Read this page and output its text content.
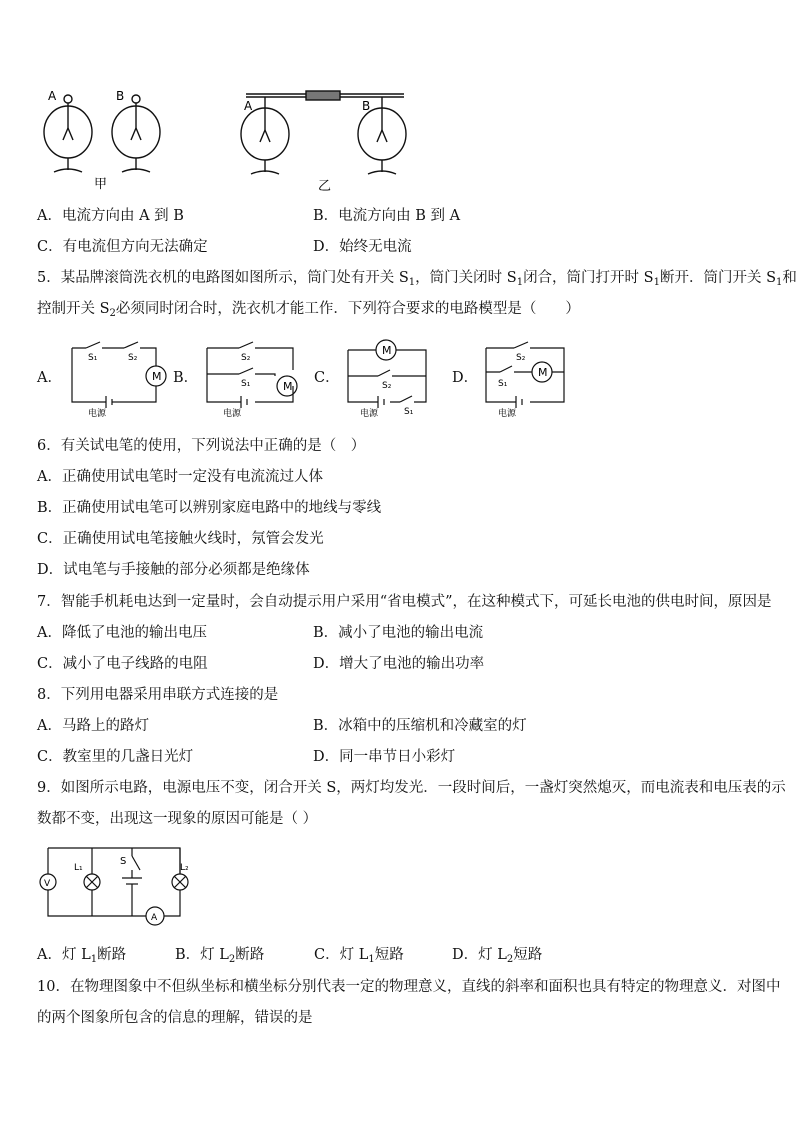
A	B
甲
A	B
乙
A．电流方向由 A 到 B	B．电流方向由 B 到 A
C．有电流但方向无法确定	D．始终无电流
5．某品牌滚筒洗衣机的电路图如图所示，筒门处有开关 $S_1$，筒门关闭时 $S_1$闭合，筒门打开时 $S_1$断开．筒门开关 $S_1$和
控制开关 $S_2$必须同时闭合时，洗衣机才能工作．下列符合要求的电路模型是（　　）
A．	M
S₁	S₂
电源
B．
M
S₂
S₁
电源
C．
M
S₂
S₁
电源
D．	M
S₂
S₁
电源
6．有关试电笔的使用，下列说法中正确的是（　）
A．正确使用试电笔时一定没有电流流过人体
B．正确使用试电笔可以辨别家庭电路中的地线与零线
C．正确使用试电笔接触火线时，氖管会发光
D．试电笔与手接触的部分必须都是绝缘体
7．智能手机耗电达到一定量时，会自动提示用户采用“省电模式”，在这种模式下，可延长电池的供电时间，原因是
A．降低了电池的输出电压	B．减小了电池的输出电流
C．减小了电子线路的电阻	D．增大了电池的输出功率
8．下列用电器采用串联方式连接的是
A．马路上的路灯	B．冰箱中的压缩机和冷藏室的灯
C．教室里的几盏日光灯	D．同一串节日小彩灯
9．如图所示电路，电源电压不变，闭合开关 S，两灯均发光．一段时间后，一盏灯突然熄灭，而电流表和电压表的示
数都不变，出现这一现象的原因可能是（ ）
V
A
S
L₁	L₂
A．灯 $L_1$断路	B．灯 $L_2$断路	C．灯 $L_1$短路	D．灯 $L_2$短路
10．在物理图象中不但纵坐标和横坐标分别代表一定的物理意义，直线的斜率和面积也具有特定的物理意义．对图中
的两个图象所包含的信息的理解，错误的是
